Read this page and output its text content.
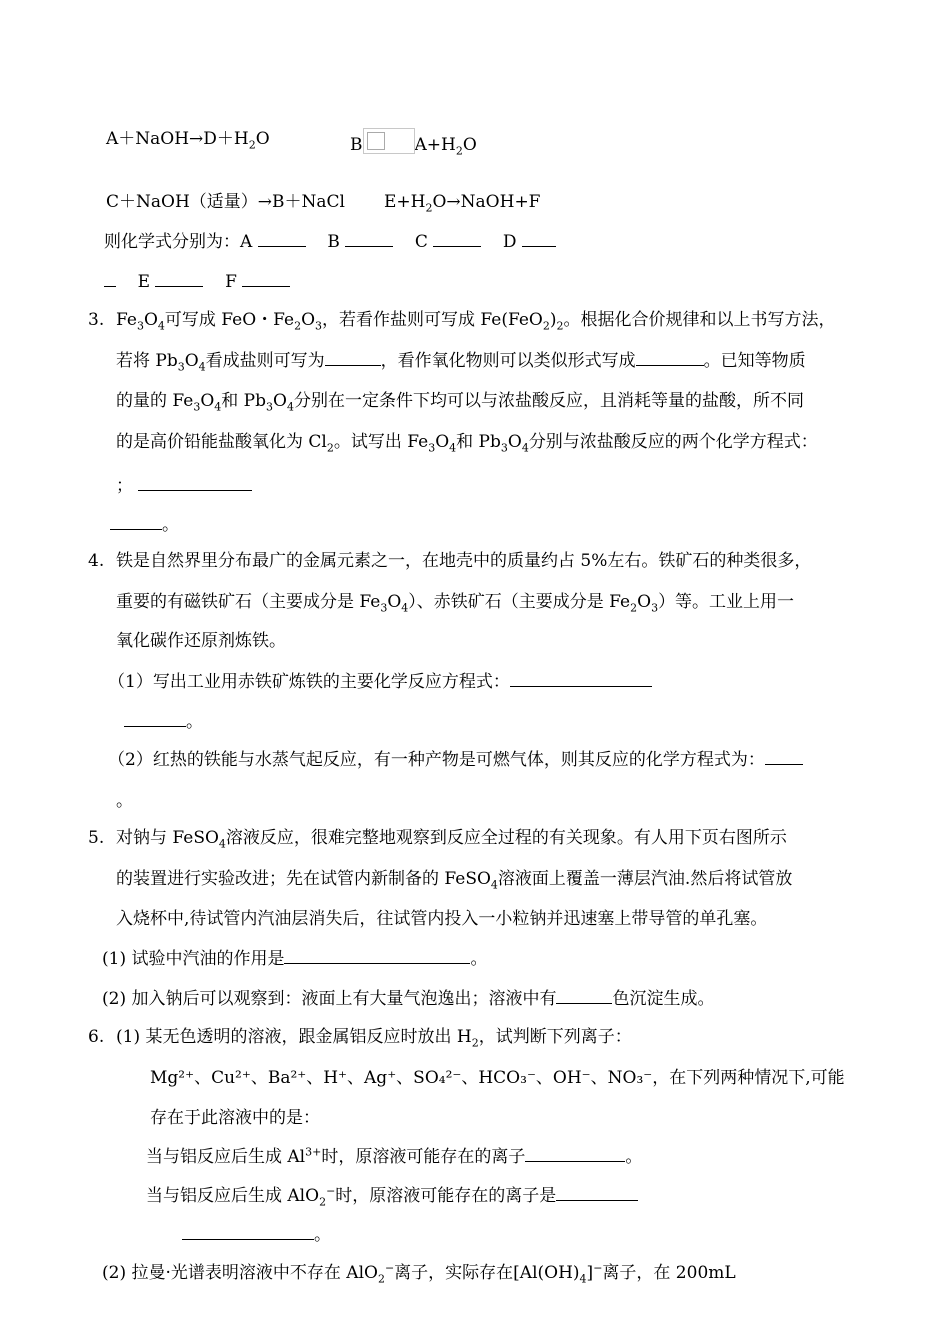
$A+NaOH\to D+H_2O$	B	$A+H_2O$
C＋NaOH（适量）→B＋NaCl $E+H_2O\to NaOH+F$
则化学式分别为：A	B	C	D
E	F
3. $Fe_3O_4$可写成 FeO・$Fe_2O_3$，若看作盐则可写成 $Fe(FeO_2)_2$。根据化合价规律和以上书写方法，
若将 $Pb_3O_4$看成盐则可写为	，看作氧化物则可以类似形式写成	。已知等物质
的量的 $Fe_3O_4$和 $Pb_3O_4$分别在一定条件下均可以与浓盐酸反应，且消耗等量的盐酸，所不同
的是高价铅能盐酸氧化为 $Cl_2$。试写出 $Fe_3O_4$和 $Pb_3O_4$分别与浓盐酸反应的两个化学方程式：
；
。
4. 铁是自然界里分布最广的金属元素之一，在地壳中的质量约占 5%左右。铁矿石的种类很多，
重要的有磁铁矿石（主要成分是 $Fe_3O_4$）、赤铁矿石（主要成分是 $Fe_2O_3$）等。工业上用一
氧化碳作还原剂炼铁。
（1）写出工业用赤铁矿炼铁的主要化学反应方程式：
。
（2）红热的铁能与水蒸气起反应，有一种产物是可燃气体，则其反应的化学方程式为：
。
5. 对钠与 FeSO$_4$溶液反应，很难完整地观察到反应全过程的有关现象。有人用下页右图所示
的装置进行实验改进；先在试管内新制备的 FeSO$_4$溶液面上覆盖一薄层汽油.然后将试管放
入烧杯中,待试管内汽油层消失后，往试管内投入一小粒钠并迅速塞上带导管的单孔塞。
(1) 试验中汽油的作用是	。
(2) 加入钠后可以观察到：液面上有大量气泡逸出；溶液中有	色沉淀生成。
6. (1) 某无色透明的溶液，跟金属铝反应时放出 $H_2$，试判断下列离子：
Mg²⁺、Cu²⁺、Ba²⁺、H⁺、Ag⁺、SO₄²⁻、HCO₃⁻、OH⁻、NO₃⁻，在下列两种情况下,可能
存在于此溶液中的是：
当与铝反应后生成 $Al^{3+}$时，原溶液可能存在的离子	。
当与铝反应后生成 AlO$_2$−时，原溶液可能存在的离子是
。
(2) 拉曼·光谱表明溶液中不存在 AlO$_2$−离子，实际存在$[Al(OH)_4]^-$离子，在 200mL
